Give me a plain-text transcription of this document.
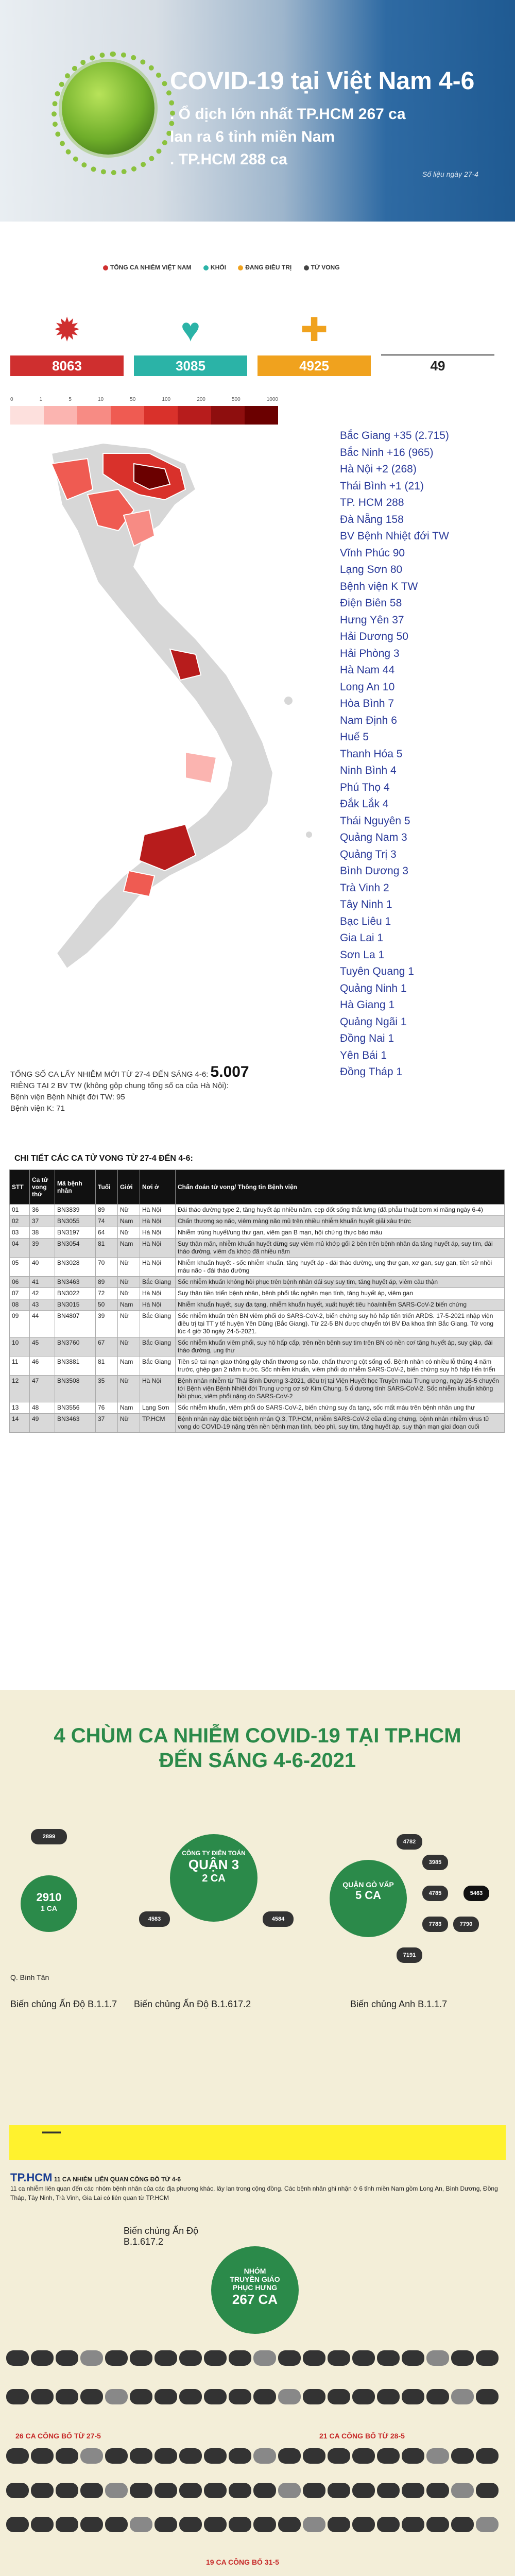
COVID-19 tại Việt Nam 4-6
. Ổ dịch lớn nhất TP.HCM 267 ca
lan ra 6 tỉnh miền Nam
. TP.HCM 288 ca
Số liệu ngày 27-4
TỔNG CA NHIỄM VIỆT NAM	KHỎI	ĐANG ĐIỀU TRỊ	TỬ VONG
✹
8063
♥
3085
✚
4925	49
0	1	5	10	50	100	200	500	1000
Bắc Giang +35 (2.715)
Bắc Ninh +16 (965)
Hà Nội +2 (268)
Thái Bình +1 (21)
TP. HCM 288
Đà Nẵng 158
BV Bệnh Nhiệt đới TW
Vĩnh Phúc 90
Lạng Sơn 80
Bệnh viện K TW
Điện Biên 58
Hưng Yên 37
Hải Dương 50
Hải Phòng 3
Hà Nam 44
Long An 10
Hòa Bình 7
Nam Định 6
Huế 5
Thanh Hóa 5
Ninh Bình 4
Phú Thọ 4
Đắk Lắk 4
Thái Nguyên 5
Quảng Nam 3
Quảng Trị 3
Bình Dương 3
Trà Vinh 2
Tây Ninh 1
Bạc Liêu 1
Gia Lai 1
Sơn La 1
Tuyên Quang 1
Quảng Ninh 1
Hà Giang 1
Quảng Ngãi 1
Đồng Nai 1
Yên Bái 1
Đồng Tháp 1
TỔNG SỐ CA LẤY NHIỄM MỚI TỪ 27-4 ĐẾN SÁNG 4-6: 5.007
RIÊNG TẠI 2 BV TW (không gộp chung tổng số ca của Hà Nội):
Bệnh viện Bệnh Nhiệt đới TW: 95
Bệnh viện K: 71
CHI TIẾT CÁC CA TỬ VONG TỪ 27-4 ĐẾN 4-6:
STT	Ca tử vong thứ	Mã bệnh nhân	Tuổi	Giới	Nơi ở	Chẩn đoán tử vong/ Thông tin Bệnh viện
01	36	BN3839	89	Nữ	Hà Nội	Đái tháo đường type 2, tăng huyết áp nhiều năm, cẹp đốt sống thắt lưng (đã phẫu thuật bơm xi măng ngày 6-4)
02	37	BN3055	74	Nam	Hà Nội	Chấn thương sọ não, viêm màng não mủ trên nhiều nhiễm khuẩn huyết giải xâu thức
03	38	BN3197	64	Nữ	Hà Nội	Nhiễm trùng huyết/ung thư gan, viêm gan B mạn, hội chứng thực bào máu
04	39	BN3054	81	Nam	Hà Nội	Suy thận mãn, nhiễm khuẩn huyết dừng suy viêm mủ khớp gối 2 bên trên bệnh nhân đa tăng huyết áp, suy tim, đái tháo đường, viêm đa khớp đã nhiều năm
05	40	BN3028	70	Nữ	Hà Nội	Nhiễm khuẩn huyết - sốc nhiễm khuẩn, tăng huyết áp - đái tháo đường, ung thư gan, xơ gan, suy gan, tiền sử nhồi máu não - đái tháo đường
06	41	BN3463	89	Nữ	Bắc Giang	Sốc nhiễm khuẩn không hồi phục trên bệnh nhân đái suy suy tim, tăng huyết áp, viêm cầu thận
07	42	BN3022	72	Nữ	Hà Nội	Suy thận tiền triển bệnh nhân, bệnh phổi tắc nghẽn mạn tính, tăng huyết áp, viêm gan
08	43	BN3015	50	Nam	Hà Nội	Nhiễm khuẩn huyết, suy đa tạng, nhiễm khuẩn huyết, xuất huyết tiêu hóa/nhiễm SARS-CoV-2 biến chứng
09	44	BN4807	39	Nữ	Bắc Giang	Sốc nhiễm khuẩn trên BN viêm phổi do SARS-CoV-2, biến chứng suy hô hấp tiến triển ARDS. 17-5-2021 nhập viện điều trị tại TT y tế huyện Yên Dũng (Bắc Giang). Từ 22-5 BN được chuyển tới BV Đa khoa tỉnh Bắc Giang. Tử vong lúc 4 giờ 30 ngày 24-5-2021.
10	45	BN3760	67	Nữ	Bắc Giang	Sốc nhiễm khuẩn viêm phổi, suy hô hấp cấp, trên nền bệnh suy tim trên BN có nền cơ/ tăng huyết áp, suy giáp, đái tháo đường, ung thư
11	46	BN3881	81	Nam	Bắc Giang	Tiền sử tai nạn giao thông gây chấn thương sọ não, chấn thương cột sống cổ. Bệnh nhân có nhiều lỗ thủng 4 năm trước, ghép gan 2 năm trước. Sốc nhiễm khuẩn, viêm phổi do nhiễm SARS-CoV-2, biến chứng suy hô hấp tiến triển
12	47	BN3508	35	Nữ	Hà Nội	Bệnh nhân nhiễm từ Thái Bình Dương 3-2021, điều trị tại Viện Huyết học Truyền máu Trung ương, ngày 26-5 chuyển tới Bệnh viện Bệnh Nhiệt đới Trung ương cơ sở Kim Chung. 5 ổ dương tính SARS-CoV-2. Sốc nhiễm khuẩn không hồi phục, viêm phổi nặng do SARS-CoV-2
13	48	BN3556	76	Nam	Lạng Sơn	Sốc nhiễm khuẩn, viêm phổi do SARS-CoV-2, biến chứng suy đa tạng, sốc mất máu trên bệnh nhân ung thư
14	49	BN3463	37	Nữ	TP.HCM	Bệnh nhân này đặc biệt bệnh nhân Q.3, TP.HCM, nhiễm SARS-CoV-2 của dùng chứng, bệnh nhân nhiễm virus tử vong do COVID-19 nặng trên nền bệnh mạn tính, béo phì, suy tim, tăng huyết áp, suy thận mạn giai đoạn cuối
4 CHÙM CA NHIỄM COVID-19 TẠI TP.HCM
ĐẾN SÁNG 4-6-2021
2899
2910
1 CA
Q. Bình Tân
Biến chủng Ấn Độ B.1.1.7
CÔNG TY ĐIỆN TOÁN
QUẬN 3
2 CA
4583	4584
Biến chủng Ấn Độ B.1.617.2
QUẬN GÒ VẤP
5 CA
4782
3985
4785
7783
7191
7790
5463
Biến chủng Anh B.1.1.7
▬▬▬
TP.HCM 11 CA NHIỄM LIÊN QUAN CÔNG ĐỒ TỪ 4-6
11 ca nhiễm liên quan đến các nhóm bệnh nhân của các địa phương khác, lây lan trong cộng đồng. Các bệnh nhân ghi nhận ở 6 tỉnh miền Nam gồm Long An, Bình Dương, Đồng Tháp, Tây Ninh, Trà Vinh, Gia Lai có liên quan từ TP.HCM
Biến chủng Ấn Độ
B.1.617.2
NHÓM
TRUYỀN GIÁO
PHỤC HƯNG
267 CA
26 CA CÔNG BỐ TỪ 27-5	21 CA CÔNG BỐ TỪ 28-5
19 CA CÔNG BỐ 31-5
